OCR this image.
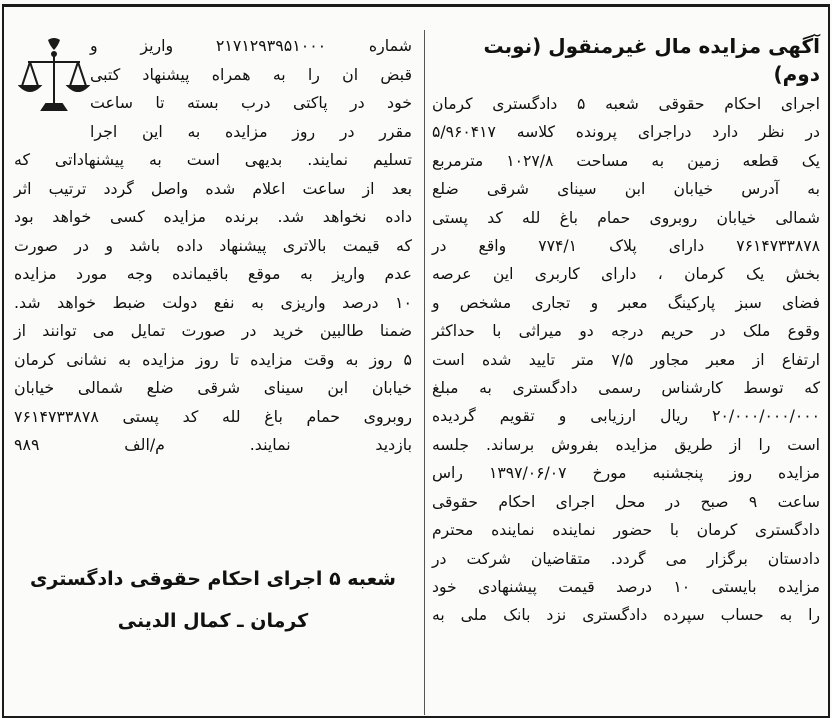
آگهی مزایده مال غیرمنقول (نوبت دوم)
اجرای احکام حقوقی شعبه ۵ دادگستری کرمان
در نظر دارد دراجرای پرونده کلاسه ۵/۹۶۰۴۱۷
یک قطعه زمین به مساحت ۱۰۲۷/۸ مترمربع
به آدرس خیابان ابن سینای شرقی ضلع
شمالی خیابان روبروی حمام باغ لله کد پستی
۷۶۱۴۷۳۳۸۷۸ دارای پلاک ۷۷۴/۱ واقع در
بخش یک کرمان ، دارای کاربری این عرصه
فضای سبز پارکینگ معبر و تجاری مشخص و
وقوع ملک در حریم درجه دو میراثی با حداکثر
ارتفاع از معبر مجاور ۷/۵ متر تایید شده است
که توسط کارشناس رسمی دادگستری به مبلغ
۲۰/۰۰۰/۰۰۰/۰۰۰ ریال ارزیابی و تقویم گردیده
است را از طریق مزایده بفروش برساند. جلسه
مزایده روز پنجشنبه مورخ ۱۳۹۷/۰۶/۰۷ راس
ساعت ۹ صبح در محل اجرای احکام حقوقی
دادگستری کرمان با حضور نماینده نماینده محترم
دادستان برگزار می گردد. متقاضیان شرکت در
مزایده بایستی ۱۰ درصد قیمت پیشنهادی خود
را به حساب سپرده دادگستری نزد بانک ملی به
شماره ۲۱۷۱۲۹۳۹۵۱۰۰۰ واریز و
قبض ان را به همراه پیشنهاد کتبی
خود در پاکتی درب بسته تا ساعت
مقرر در روز مزایده به این اجرا
تسلیم نمایند. بدیهی است به پیشنهاداتی که
بعد از ساعت اعلام شده واصل گردد ترتیب اثر
داده نخواهد شد. برنده مزایده کسی خواهد بود
که قیمت بالاتری پیشنهاد داده باشد و در صورت
عدم واریز به موقع باقیمانده وجه مورد مزایده
۱۰ درصد واریزی به نفع دولت ضبط خواهد شد.
ضمنا طالبین خرید در صورت تمایل می توانند از
۵ روز به وقت مزایده تا روز مزایده به نشانی کرمان
خیابان ابن سینای شرقی ضلع شمالی خیابان
روبروی حمام باغ لله کد پستی ۷۶۱۴۷۳۳۸۷۸
بازدید نمایند. م/الف ۹۸۹
شعبه ۵ اجرای احکام حقوقی دادگستری
کرمان ـ کمال الدینی
